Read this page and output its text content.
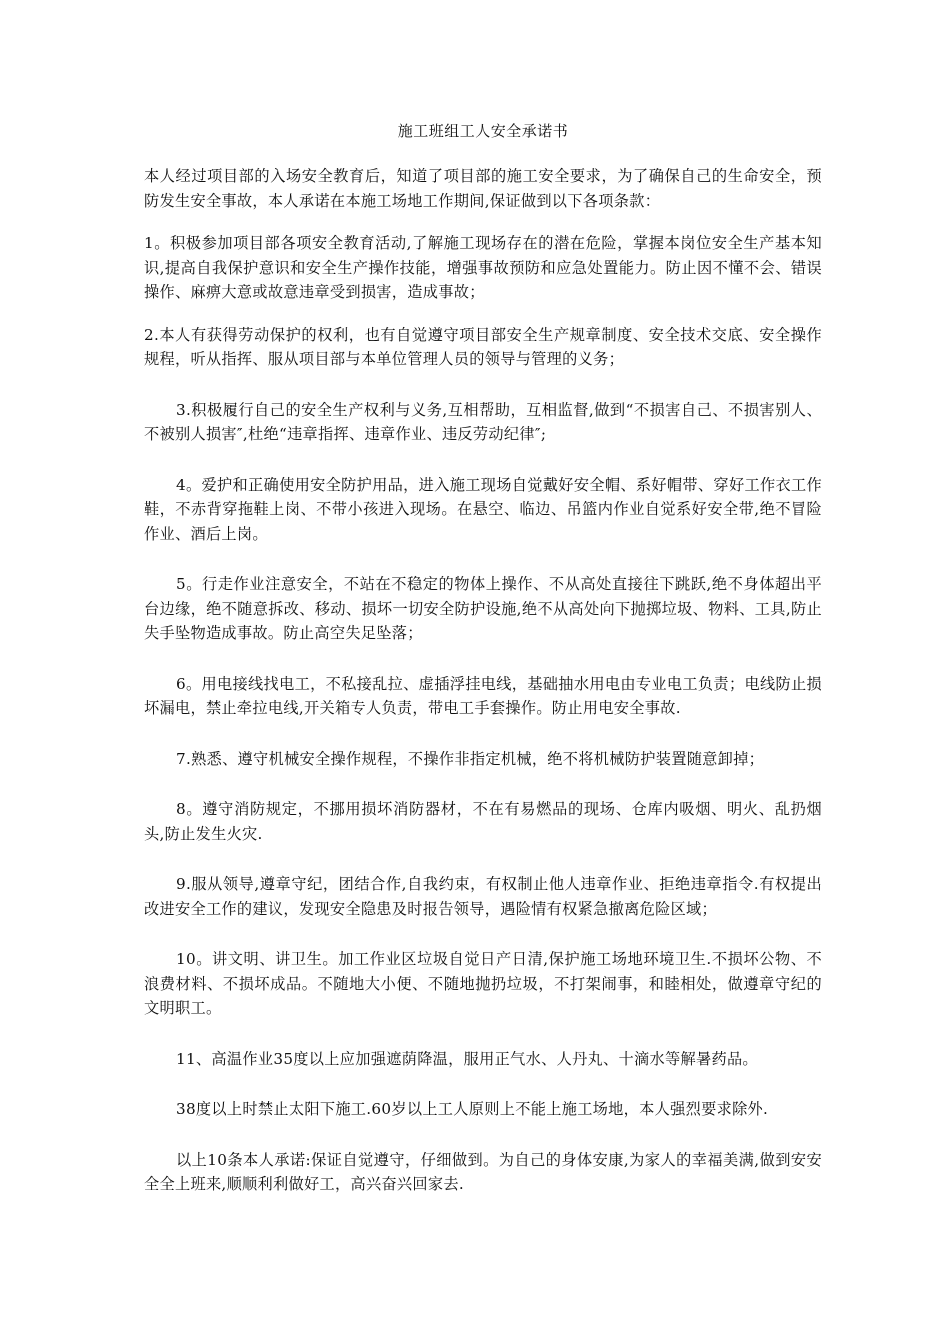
施工班组工人安全承诺书

本人经过项目部的入场安全教育后，知道了项目部的施工安全要求，为了确保自己的生命安全，预防发生安全事故，本人承诺在本施工场地工作期间,保证做到以下各项条款：

1。积极参加项目部各项安全教育活动,了解施工现场存在的潜在危险，掌握本岗位安全生产基本知识,提高自我保护意识和安全生产操作技能，增强事故预防和应急处置能力。防止因不懂不会、错误操作、麻痹大意或故意违章受到损害，造成事故；

2.本人有获得劳动保护的权利，也有自觉遵守项目部安全生产规章制度、安全技术交底、安全操作规程，听从指挥、服从项目部与本单位管理人员的领导与管理的义务；

3.积极履行自己的安全生产权利与义务,互相帮助，互相监督,做到“不损害自己、不损害别人、不被别人损害″,杜绝“违章指挥、违章作业、违反劳动纪律″;

4。爱护和正确使用安全防护用品，进入施工现场自觉戴好安全帽、系好帽带、穿好工作衣工作鞋，不赤背穿拖鞋上岗、不带小孩进入现场。在悬空、临边、吊篮内作业自觉系好安全带,绝不冒险作业、酒后上岗。

5。行走作业注意安全，不站在不稳定的物体上操作、不从高处直接往下跳跃,绝不身体超出平台边缘，绝不随意拆改、移动、损坏一切安全防护设施,绝不从高处向下抛掷垃圾、物料、工具,防止失手坠物造成事故。防止高空失足坠落；

6。用电接线找电工，不私接乱拉、虚插浮挂电线，基础抽水用电由专业电工负责；电线防止损坏漏电，禁止牵拉电线,开关箱专人负责，带电工手套操作。防止用电安全事故.

7.熟悉、遵守机械安全操作规程，不操作非指定机械，绝不将机械防护装置随意卸掉；

8。遵守消防规定，不挪用损坏消防器材，不在有易燃品的现场、仓库内吸烟、明火、乱扔烟头,防止发生火灾.

9.服从领导,遵章守纪，团结合作,自我约束，有权制止他人违章作业、拒绝违章指令.有权提出改进安全工作的建议，发现安全隐患及时报告领导，遇险情有权紧急撤离危险区域；

10。讲文明、讲卫生。加工作业区垃圾自觉日产日清,保护施工场地环境卫生.不损坏公物、不浪费材料、不损坏成品。不随地大小便、不随地抛扔垃圾，不打架闹事，和睦相处，做遵章守纪的文明职工。

11、高温作业35度以上应加强遮荫降温，服用正气水、人丹丸、十滴水等解暑药品。

38度以上时禁止太阳下施工.60岁以上工人原则上不能上施工场地，本人强烈要求除外.

以上10条本人承诺:保证自觉遵守，仔细做到。为自己的身体安康,为家人的幸福美满,做到安安全全上班来,顺顺利利做好工，高兴奋兴回家去.
